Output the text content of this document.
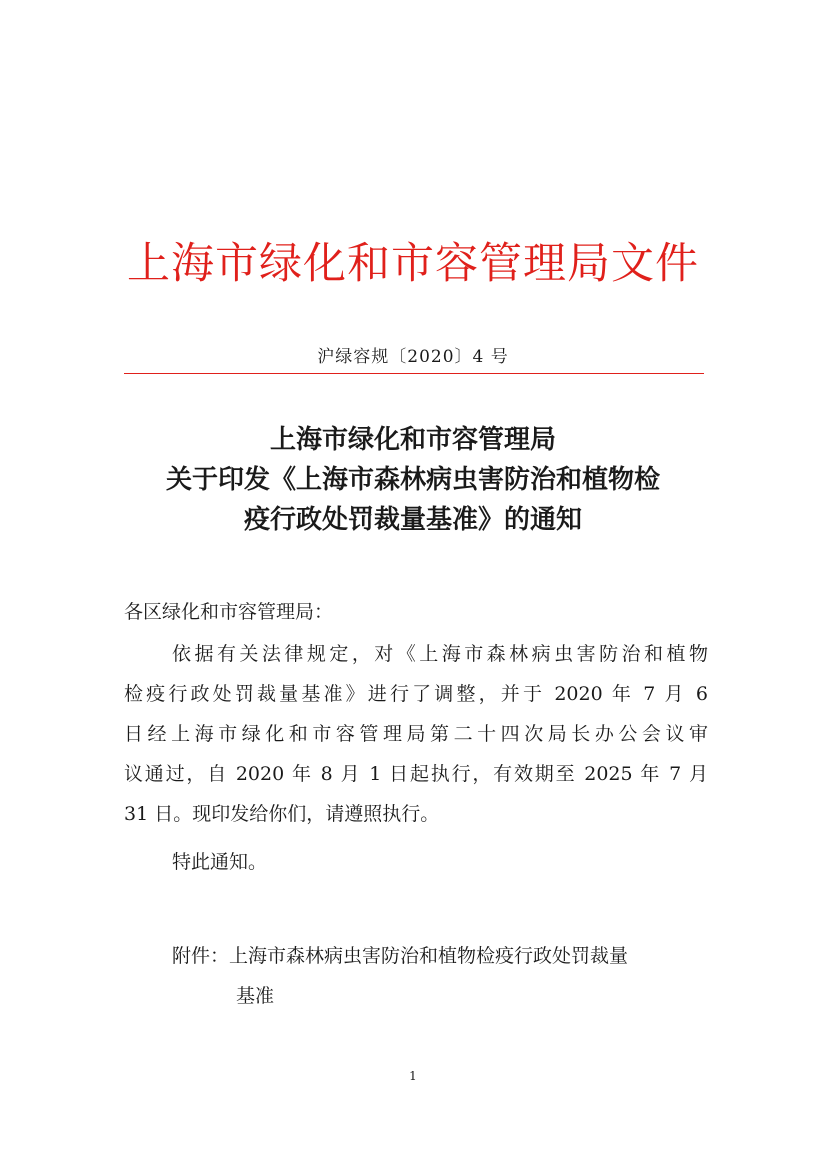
上海市绿化和市容管理局文件
沪绿容规〔2020〕4 号
上海市绿化和市容管理局
关于印发《上海市森林病虫害防治和植物检
疫行政处罚裁量基准》的通知
各区绿化和市容管理局：
依据有关法律规定，对《上海市森林病虫害防治和植物
检疫行政处罚裁量基准》进行了调整，并于 2020 年 7 月 6
日经上海市绿化和市容管理局第二十四次局长办公会议审
议通过，自 2020 年 8 月 1 日起执行，有效期至 2025 年 7 月
31 日。现印发给你们，请遵照执行。
特此通知。
附件：上海市森林病虫害防治和植物检疫行政处罚裁量
基准
1
